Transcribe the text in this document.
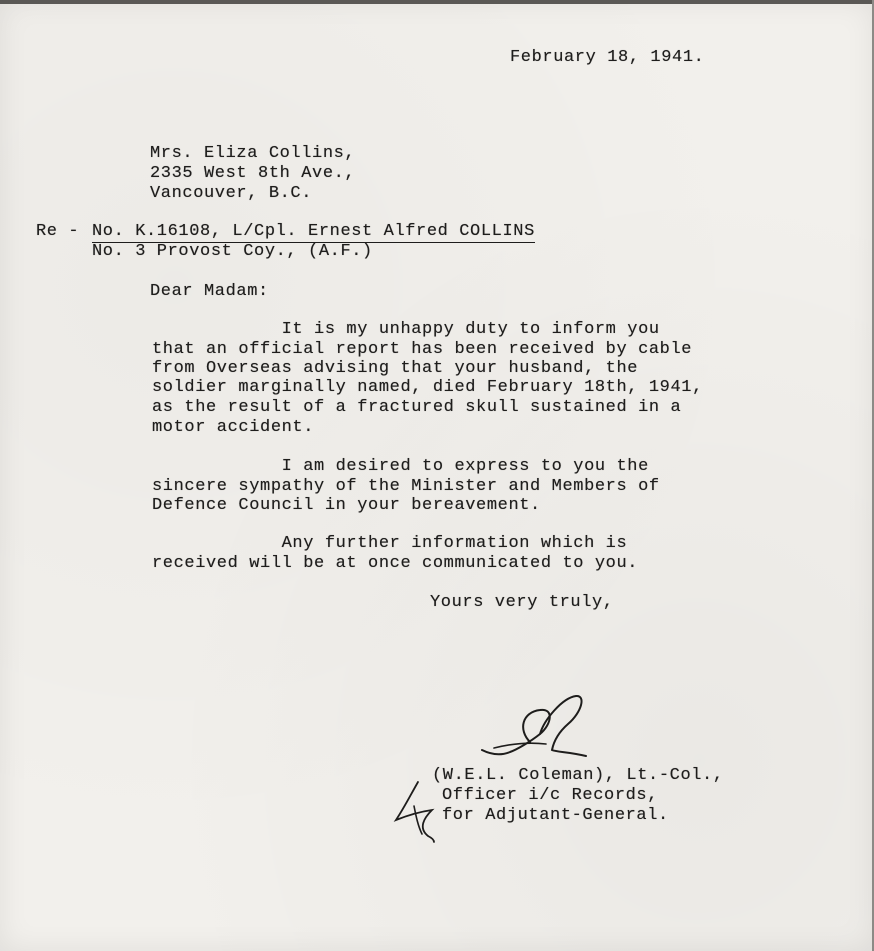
February 18, 1941.
Mrs. Eliza Collins,
2335 West 8th Ave.,
Vancouver, B.C.
Re - No. K.16108, L/Cpl. Ernest Alfred COLLINS
No. 3 Provost Coy., (A.F.)
Dear Madam:
It is my unhappy duty to inform you
that an official report has been received by cable
from Overseas advising that your husband, the
soldier marginally named, died February 18th, 1941,
as the result of a fractured skull sustained in a
motor accident.
I am desired to express to you the
sincere sympathy of the Minister and Members of
Defence Council in your bereavement.
Any further information which is
received will be at once communicated to you.
Yours very truly,
(W.E.L. Coleman), Lt.-Col.,
Officer i/c Records,
for Adjutant-General.
